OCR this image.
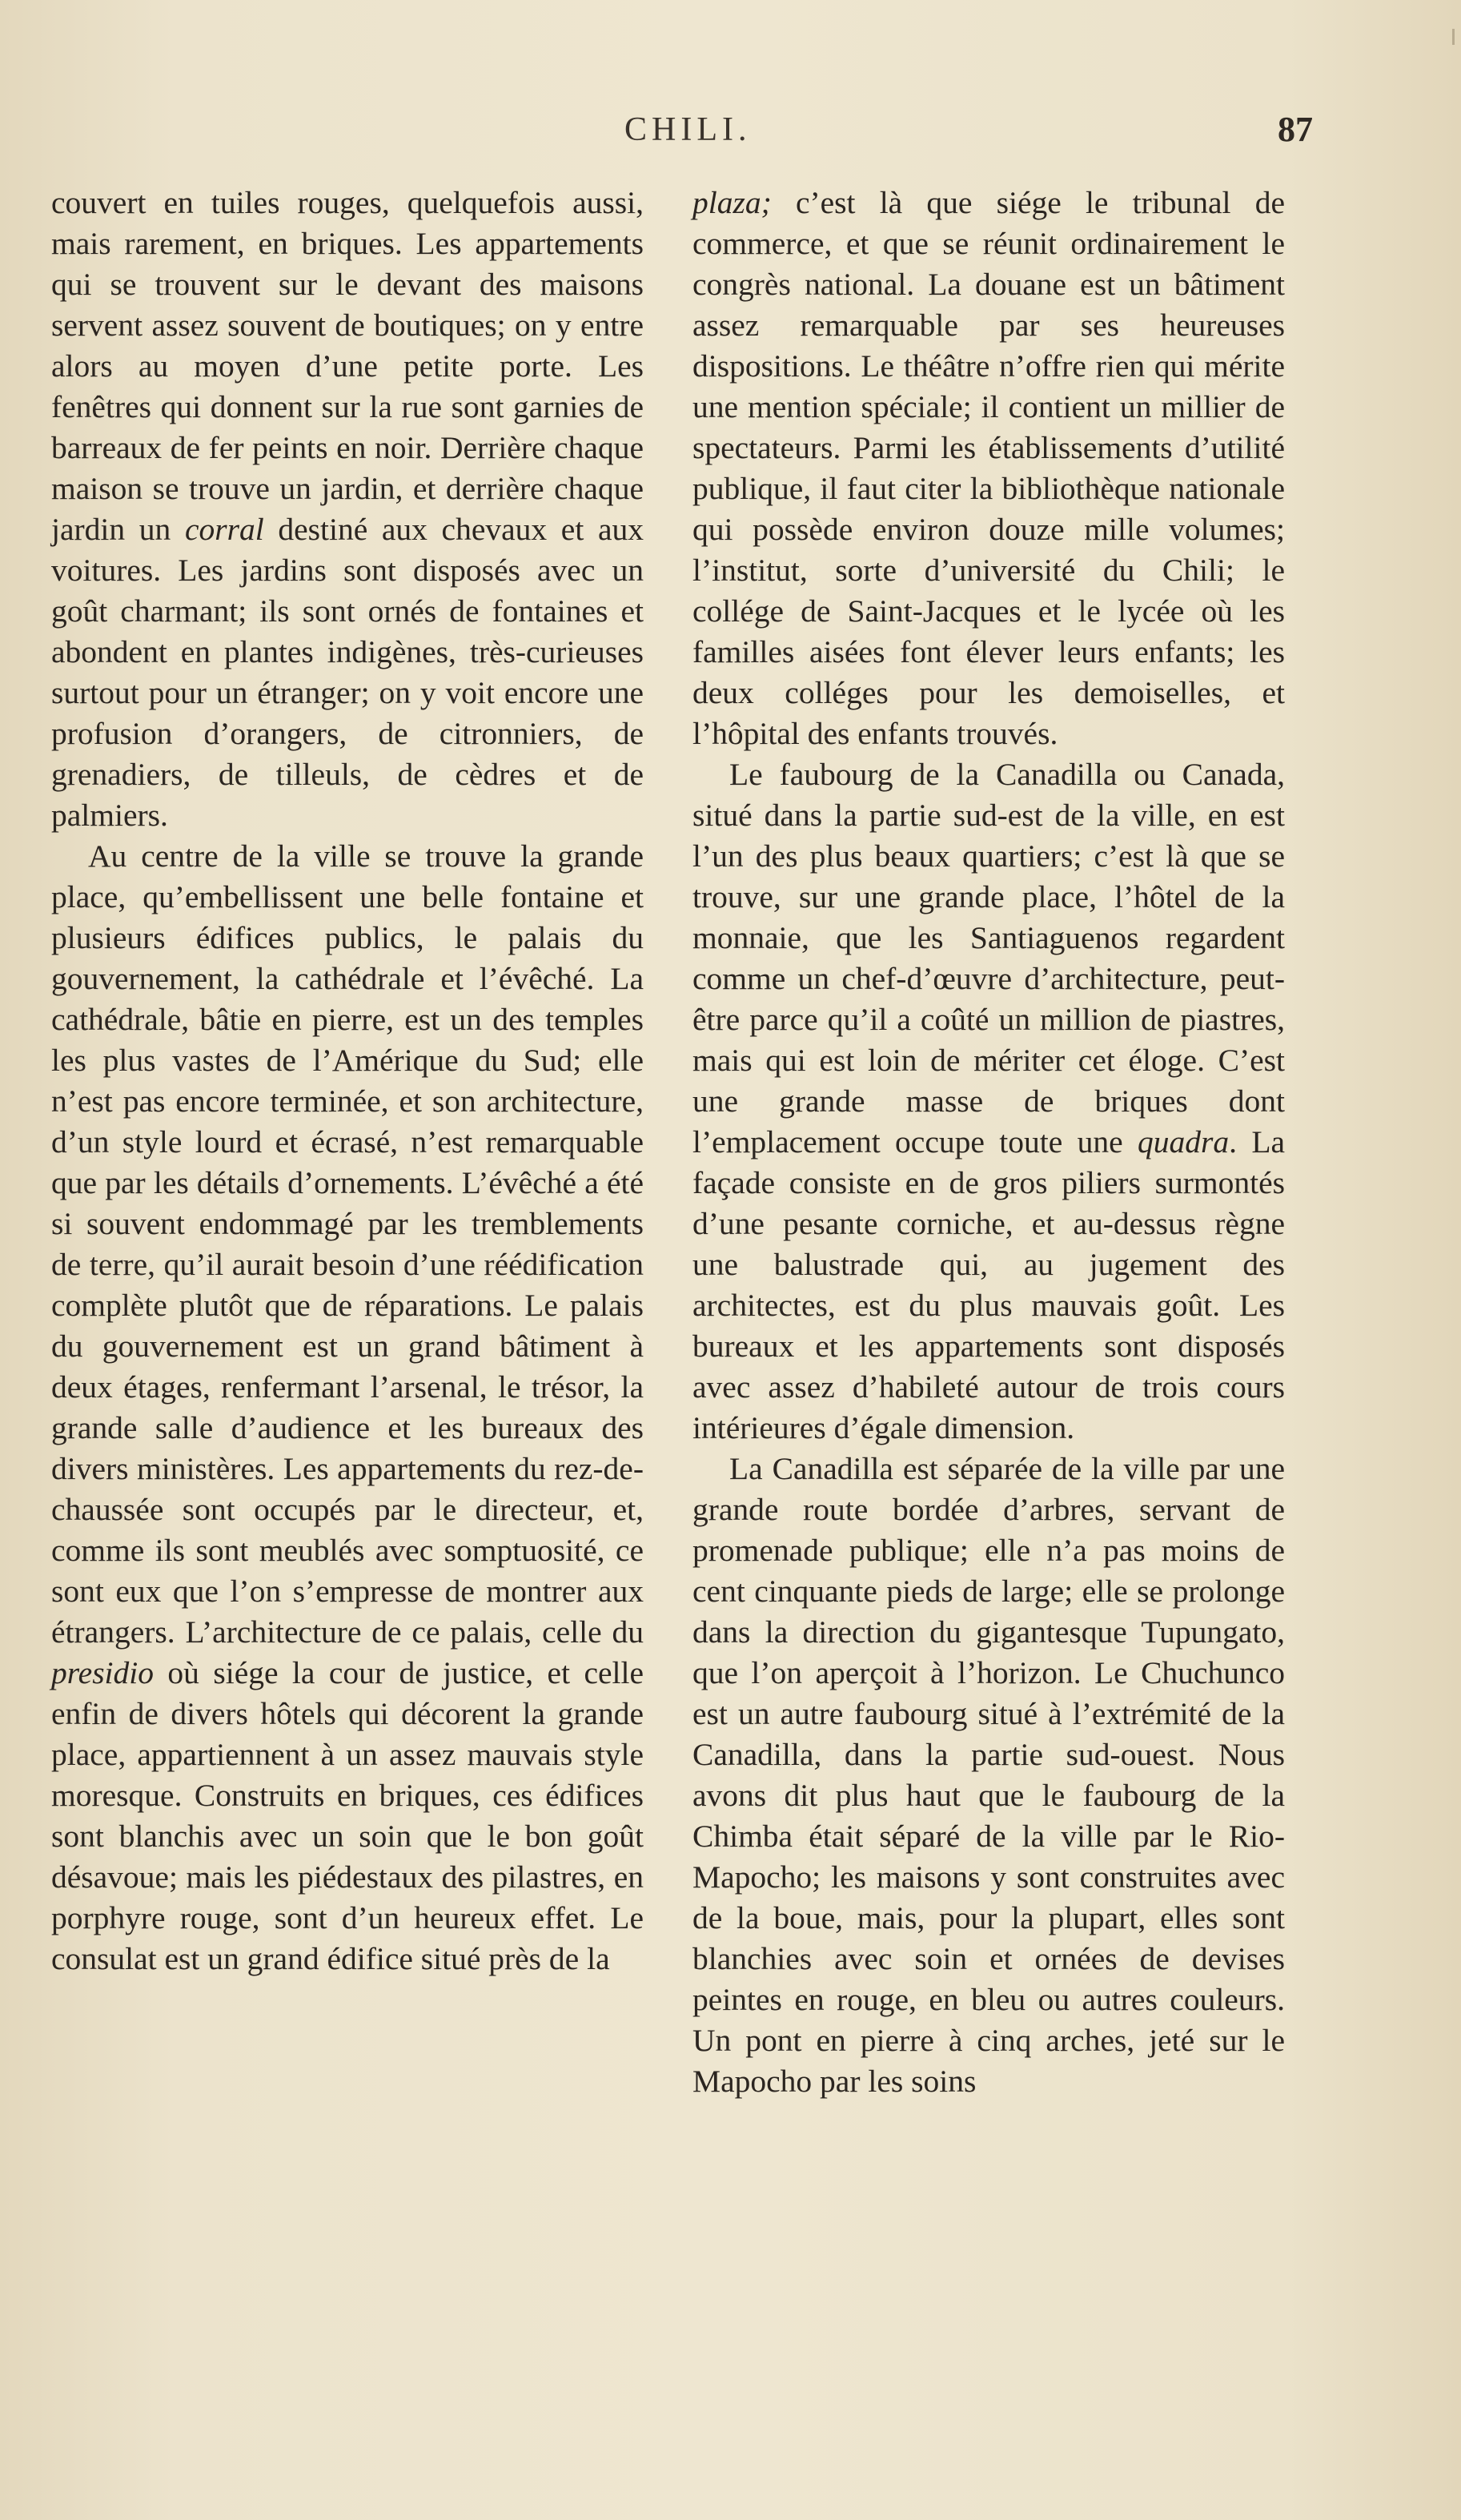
CHILI.	87

couvert en tuiles rouges, quelquefois aussi, mais rarement, en briques. Les appartements qui se trouvent sur le devant des maisons servent assez souvent de boutiques; on y entre alors au moyen d’une petite porte. Les fenêtres qui donnent sur la rue sont garnies de barreaux de fer peints en noir. Derrière chaque maison se trouve un jardin, et derrière chaque jardin un corral destiné aux chevaux et aux voitures. Les jardins sont disposés avec un goût charmant; ils sont ornés de fontaines et abondent en plantes indigènes, très-curieuses surtout pour un étranger; on y voit encore une profusion d’orangers, de citronniers, de grenadiers, de tilleuls, de cèdres et de palmiers.

Au centre de la ville se trouve la grande place, qu’embellissent une belle fontaine et plusieurs édifices publics, le palais du gouvernement, la cathédrale et l’évêché. La cathédrale, bâtie en pierre, est un des temples les plus vastes de l’Amérique du Sud; elle n’est pas encore terminée, et son architecture, d’un style lourd et écrasé, n’est remarquable que par les détails d’ornements. L’évêché a été si souvent endommagé par les tremblements de terre, qu’il aurait besoin d’une réédification complète plutôt que de réparations. Le palais du gouvernement est un grand bâtiment à deux étages, renfermant l’arsenal, le trésor, la grande salle d’audience et les bureaux des divers ministères. Les appartements du rez-de-chaussée sont occupés par le directeur, et, comme ils sont meublés avec somptuosité, ce sont eux que l’on s’empresse de montrer aux étrangers. L’architecture de ce palais, celle du presidio où siége la cour de justice, et celle enfin de divers hôtels qui décorent la grande place, appartiennent à un assez mauvais style moresque. Construits en briques, ces édifices sont blanchis avec un soin que le bon goût désavoue; mais les piédestaux des pilastres, en porphyre rouge, sont d’un heureux effet. Le consulat est un grand édifice situé près de la

plaza; c’est là que siége le tribunal de commerce, et que se réunit ordinairement le congrès national. La douane est un bâtiment assez remarquable par ses heureuses dispositions. Le théâtre n’offre rien qui mérite une mention spéciale; il contient un millier de spectateurs. Parmi les établissements d’utilité publique, il faut citer la bibliothèque nationale qui possède environ douze mille volumes; l’institut, sorte d’université du Chili; le collége de Saint-Jacques et le lycée où les familles aisées font élever leurs enfants; les deux colléges pour les demoiselles, et l’hôpital des enfants trouvés.

Le faubourg de la Canadilla ou Canada, situé dans la partie sud-est de la ville, en est l’un des plus beaux quartiers; c’est là que se trouve, sur une grande place, l’hôtel de la monnaie, que les Santiaguenos regardent comme un chef-d’œuvre d’architecture, peut-être parce qu’il a coûté un million de piastres, mais qui est loin de mériter cet éloge. C’est une grande masse de briques dont l’emplacement occupe toute une quadra. La façade consiste en de gros piliers surmontés d’une pesante corniche, et au-dessus règne une balustrade qui, au jugement des architectes, est du plus mauvais goût. Les bureaux et les appartements sont disposés avec assez d’habileté autour de trois cours intérieures d’égale dimension.

La Canadilla est séparée de la ville par une grande route bordée d’arbres, servant de promenade publique; elle n’a pas moins de cent cinquante pieds de large; elle se prolonge dans la direction du gigantesque Tupungato, que l’on aperçoit à l’horizon. Le Chuchunco est un autre faubourg situé à l’extrémité de la Canadilla, dans la partie sud-ouest. Nous avons dit plus haut que le faubourg de la Chimba était séparé de la ville par le Rio-Mapocho; les maisons y sont construites avec de la boue, mais, pour la plupart, elles sont blanchies avec soin et ornées de devises peintes en rouge, en bleu ou autres couleurs. Un pont en pierre à cinq arches, jeté sur le Mapocho par les soins
